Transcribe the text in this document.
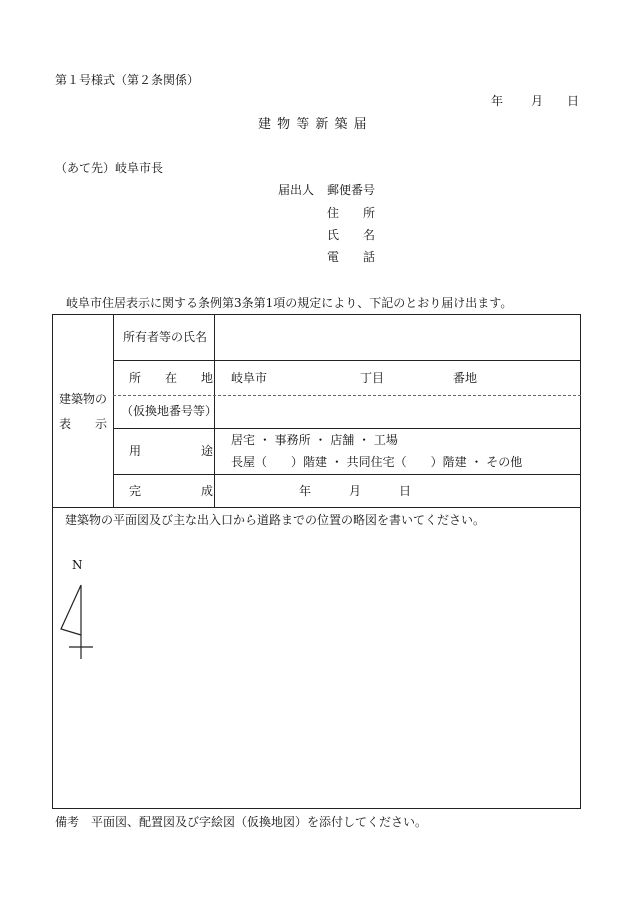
第１号様式（第２条関係）
年 月 日
建 物 等 新 築 届
（あて先）岐阜市長
届出人 郵便番号
住　　所
氏　　名
電　　話
岐阜市住居表示に関する条例第3条第1項の規定により、下記のとおり届け出ます。
建築物の
表　　示
所有者等の氏名
所　　在　　地 岐阜市	丁目	番地
（仮換地番号等）
用　　　　　途
居宅 ・ 事務所 ・ 店舗 ・ 工場
長屋（　　）階建 ・ 共同住宅（　　）階建 ・ その他
完　　　　　成	年	月	日
建築物の平面図及び主な出入口から道路までの位置の略図を書いてください。
N
備考　平面図、配置図及び字絵図（仮換地図）を添付してください。
